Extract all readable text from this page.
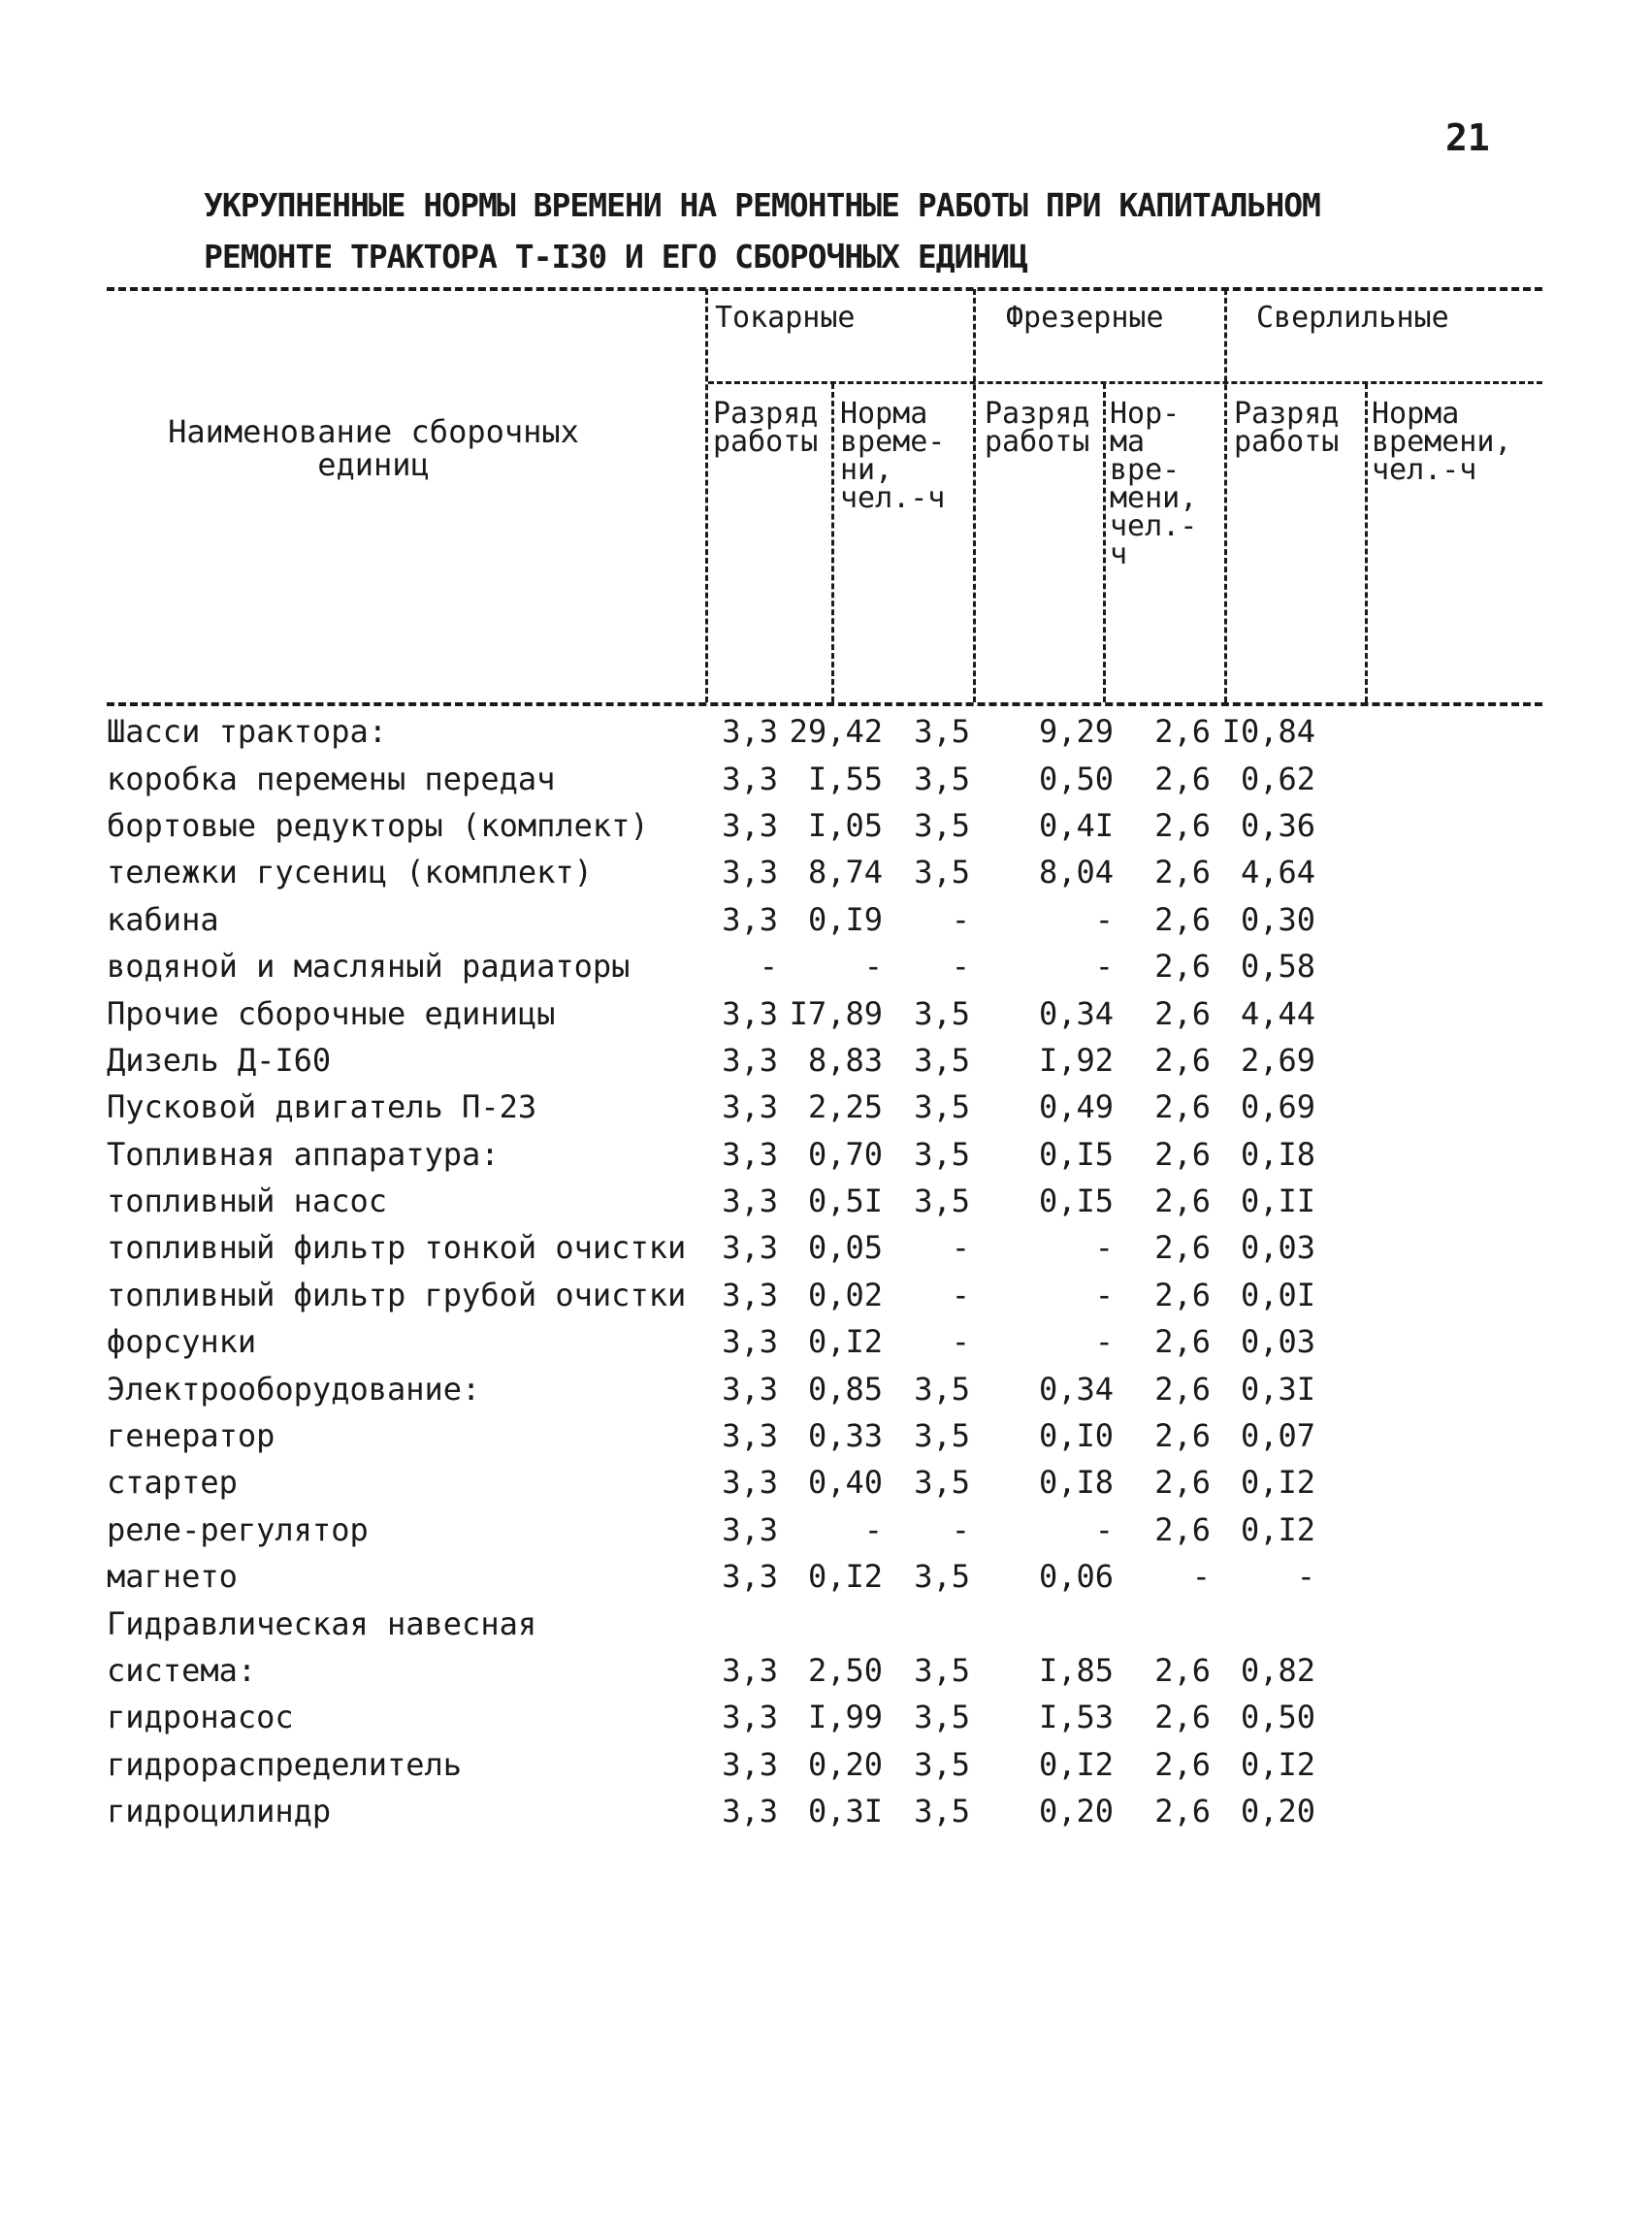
21
УКРУПНЕННЫЕ НОРМЫ ВРЕМЕНИ НА РЕМОНТНЫЕ РАБОТЫ ПРИ КАПИТАЛЬНОМ
РЕМОНТЕ ТРАКТОРА Т-I30 И ЕГО СБОРОЧНЫХ ЕДИНИЦ
Токарные	Фрезерные	Сверлильные
Наименование сборочных единиц
Разряд работы
Норма време-ни, чел.-ч
Разряд работы
Нор-ма вре-мени, чел.-ч
Разряд работы
Норма времени, чел.-ч
Шасси трактора:	3,3	29,42	3,5	9,29	2,6	I0,84
коробка перемены передач	3,3	I,55	3,5	0,50	2,6	0,62
бортовые редукторы (комплект)	3,3	I,05	3,5	0,4I	2,6	0,36
тележки гусениц (комплект)	3,3	8,74	3,5	8,04	2,6	4,64
кабина	3,3	0,I9	-	-	2,6	0,30
водяной и масляный радиаторы	-	-	-	-	2,6	0,58
Прочие сборочные единицы	3,3	I7,89	3,5	0,34	2,6	4,44
Дизель Д-I60	3,3	8,83	3,5	I,92	2,6	2,69
Пусковой двигатель П-23	3,3	2,25	3,5	0,49	2,6	0,69
Топливная аппаратура:	3,3	0,70	3,5	0,I5	2,6	0,I8
топливный насос	3,3	0,5I	3,5	0,I5	2,6	0,II
топливный фильтр тонкой очистки	3,3	0,05	-	-	2,6	0,03
топливный фильтр грубой очистки	3,3	0,02	-	-	2,6	0,0I
форсунки	3,3	0,I2	-	-	2,6	0,03
Электрооборудование:	3,3	0,85	3,5	0,34	2,6	0,3I
генератор	3,3	0,33	3,5	0,I0	2,6	0,07
стартер	3,3	0,40	3,5	0,I8	2,6	0,I2
реле-регулятор	3,3	-	-	-	2,6	0,I2
магнето	3,3	0,I2	3,5	0,06	-	-
Гидравлическая навесная						
система:	3,3	2,50	3,5	I,85	2,6	0,82
гидронасос	3,3	I,99	3,5	I,53	2,6	0,50
гидрораспределитель	3,3	0,20	3,5	0,I2	2,6	0,I2
гидроцилиндр	3,3	0,3I	3,5	0,20	2,6	0,20
